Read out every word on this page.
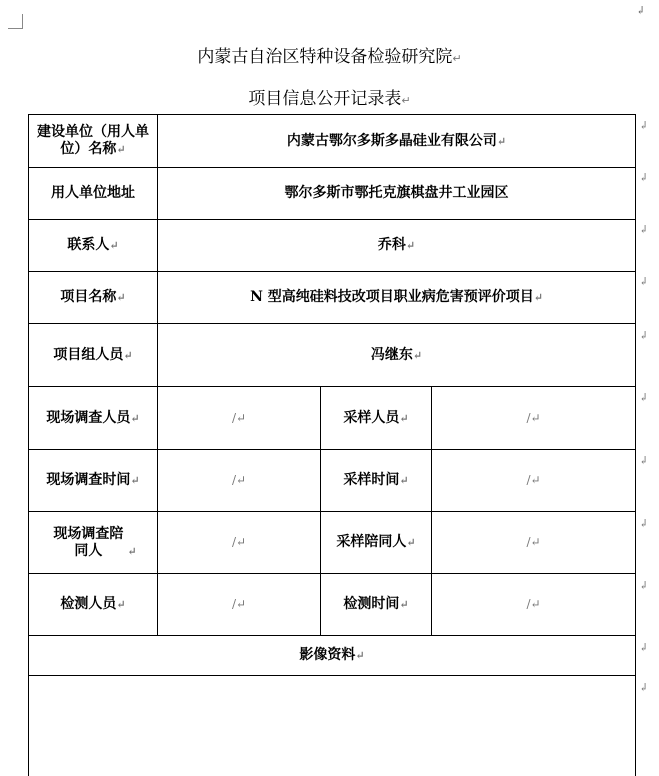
↲
内蒙古自治区特种设备检验研究院↵
项目信息公开记录表↵
建设单位（用人单位）名称↵	内蒙古鄂尔多斯多晶硅业有限公司↵		
用人单位地址	鄂尔多斯市鄂托克旗棋盘井工业园区		
联系人↵	乔科↵		
项目名称↵	N 型高纯硅料技改项目职业病危害预评价项目↵		
项目组人员↵	冯继东↵		
现场调查人员↵	/↵	采样人员↵	/↵
现场调查时间↵	/↵	采样时间↵	/↵
现场调查陪同人 ↵	/↵	采样陪同人↵	/↵
检测人员↵	/↵	检测时间↵	/↵
影像资料↵			

↲
↲
↲
↲
↲
↲
↲
↲
↲
↲
↲
